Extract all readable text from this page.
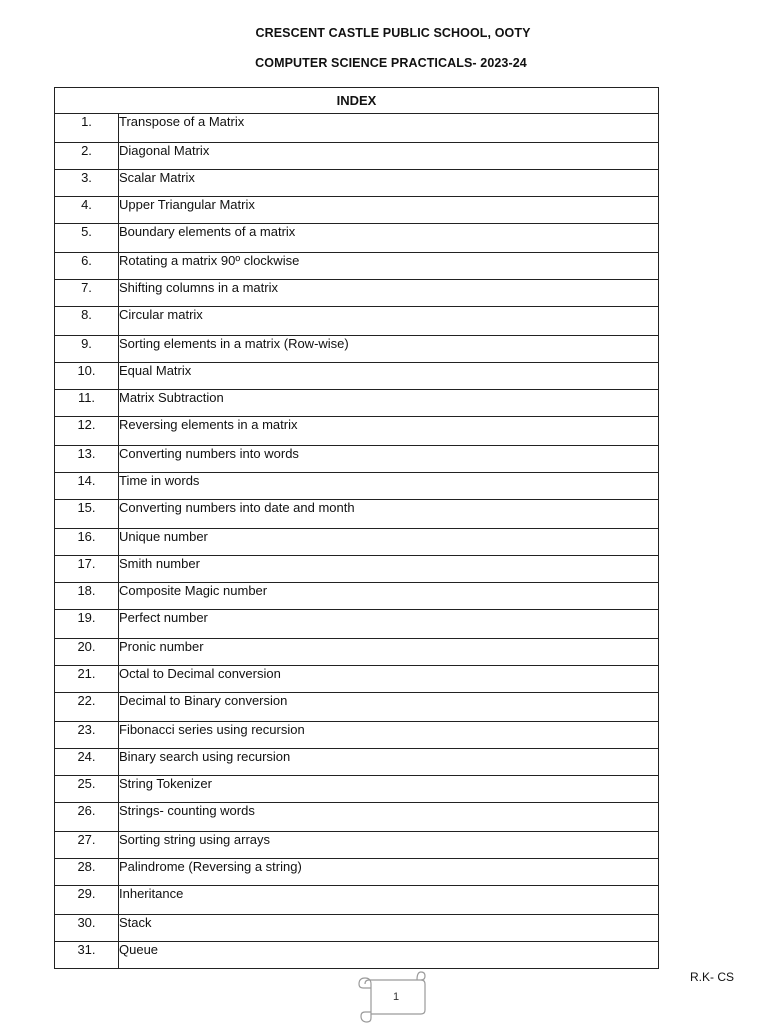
CRESCENT CASTLE PUBLIC SCHOOL, OOTY
COMPUTER SCIENCE PRACTICALS- 2023-24
INDEX	
1.	Transpose of a Matrix
2.	Diagonal Matrix
3.	Scalar Matrix
4.	Upper Triangular Matrix
5.	Boundary elements of a matrix
6.	Rotating a matrix 90º clockwise
7.	Shifting columns in a matrix
8.	Circular matrix
9.	Sorting elements in a matrix (Row-wise)
10.	Equal Matrix
11.	Matrix Subtraction
12.	Reversing elements in a matrix
13.	Converting numbers into words
14.	Time in words
15.	Converting numbers into date and month
16.	Unique number
17.	Smith number
18.	Composite Magic number
19.	Perfect number
20.	Pronic number
21.	Octal to Decimal conversion
22.	Decimal to Binary conversion
23.	Fibonacci series using recursion
24.	Binary search using recursion
25.	String Tokenizer
26.	Strings- counting words
27.	Sorting string using arrays
28.	Palindrome (Reversing a string)
29.	Inheritance
30.	Stack
31.	Queue
R.K- CS
1
